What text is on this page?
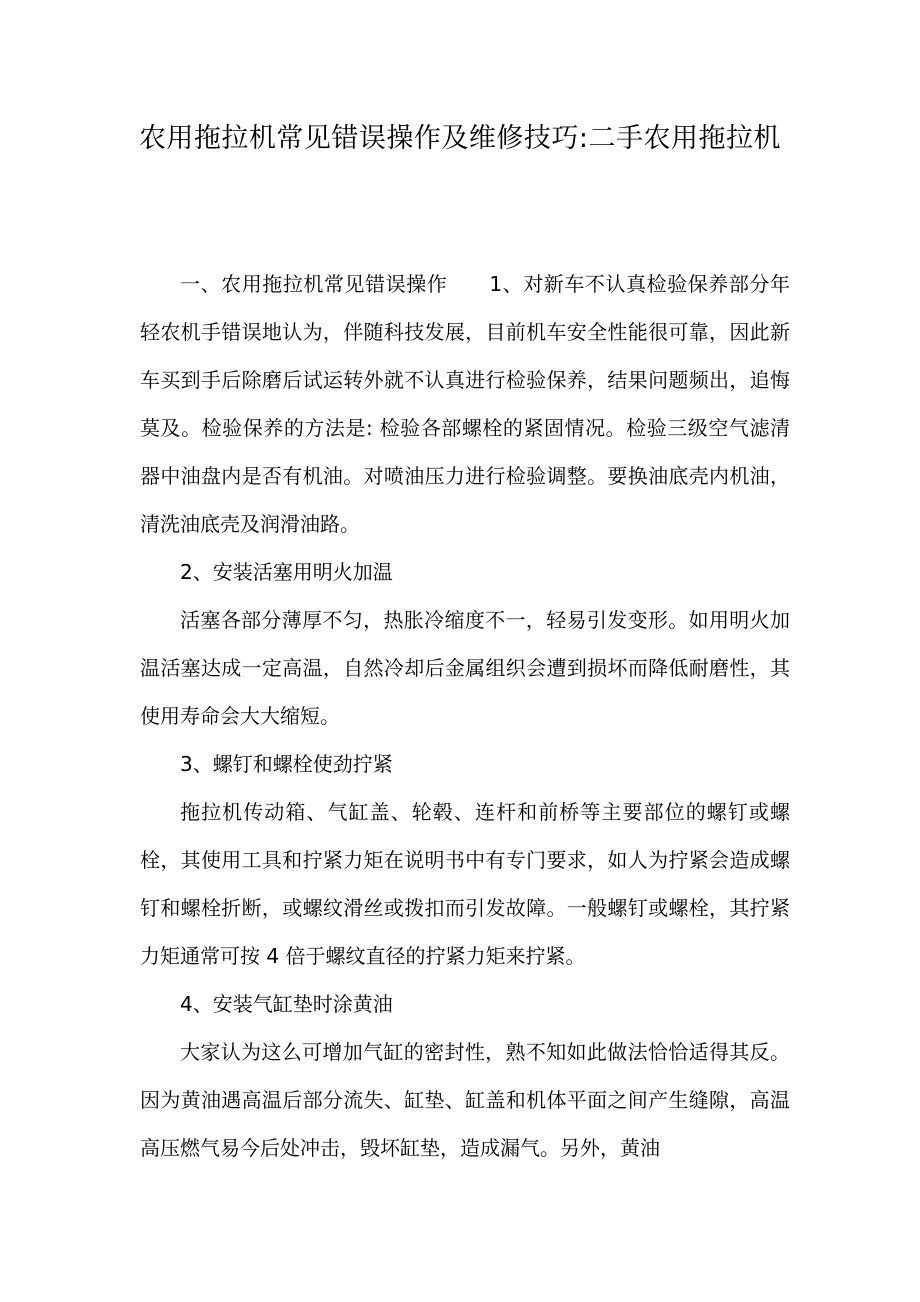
农用拖拉机常见错误操作及维修技巧:二手农用拖拉机

一、农用拖拉机常见错误操作 1、对新车不认真检验保养部分年轻农机手错误地认为，伴随科技发展，目前机车安全性能很可靠，因此新车买到手后除磨后试运转外就不认真进行检验保养，结果问题频出，追悔莫及。检验保养的方法是: 检验各部螺栓的紧固情况。检验三级空气滤清器中油盘内是否有机油。对喷油压力进行检验调整。要换油底壳内机油，清洗油底壳及润滑油路。

2、安装活塞用明火加温

活塞各部分薄厚不匀，热胀冷缩度不一，轻易引发变形。如用明火加温活塞达成一定高温，自然冷却后金属组织会遭到损坏而降低耐磨性，其使用寿命会大大缩短。

3、螺钉和螺栓使劲拧紧

拖拉机传动箱、气缸盖、轮毂、连杆和前桥等主要部位的螺钉或螺栓，其使用工具和拧紧力矩在说明书中有专门要求，如人为拧紧会造成螺钉和螺栓折断，或螺纹滑丝或拨扣而引发故障。一般螺钉或螺栓，其拧紧力矩通常可按 4 倍于螺纹直径的拧紧力矩来拧紧。

4、安装气缸垫时涂黄油

大家认为这么可增加气缸的密封性，熟不知如此做法恰恰适得其反。因为黄油遇高温后部分流失、缸垫、缸盖和机体平面之间产生缝隙，高温高压燃气易今后处冲击，毁坏缸垫，造成漏气。另外，黄油
